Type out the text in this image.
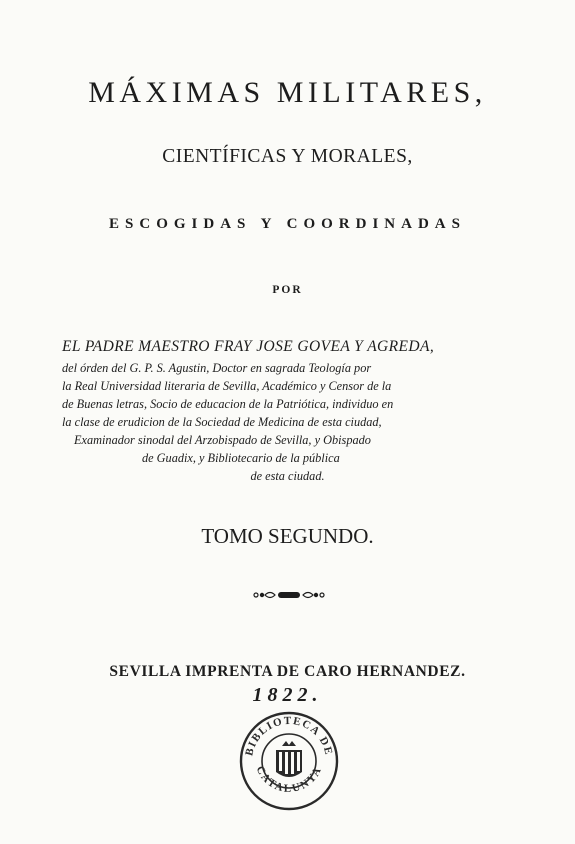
MÁXIMAS MILITARES,
CIENTÍFICAS Y MORALES,
ESCOGIDAS Y COORDINADAS
POR
EL PADRE MAESTRO FRAY JOSE GOVEA Y AGREDA,
del órden del G. P. S. Agustin, Doctor en sagrada Teología por
la Real Universidad literaria de Sevilla, Académico y Censor de la
de Buenas letras, Socio de educacion de la Patriótica, individuo en
la clase de erudicion de la Sociedad de Medicina de esta ciudad,
Examinador sinodal del Arzobispado de Sevilla, y Obispado
de Guadix, y Bibliotecario de la pública
de esta ciudad.
TOMO SEGUNDO.
SEVILLA IMPRENTA DE CARO HERNANDEZ.
1822.
BIBLIOTECA DE
CATALUNYA
